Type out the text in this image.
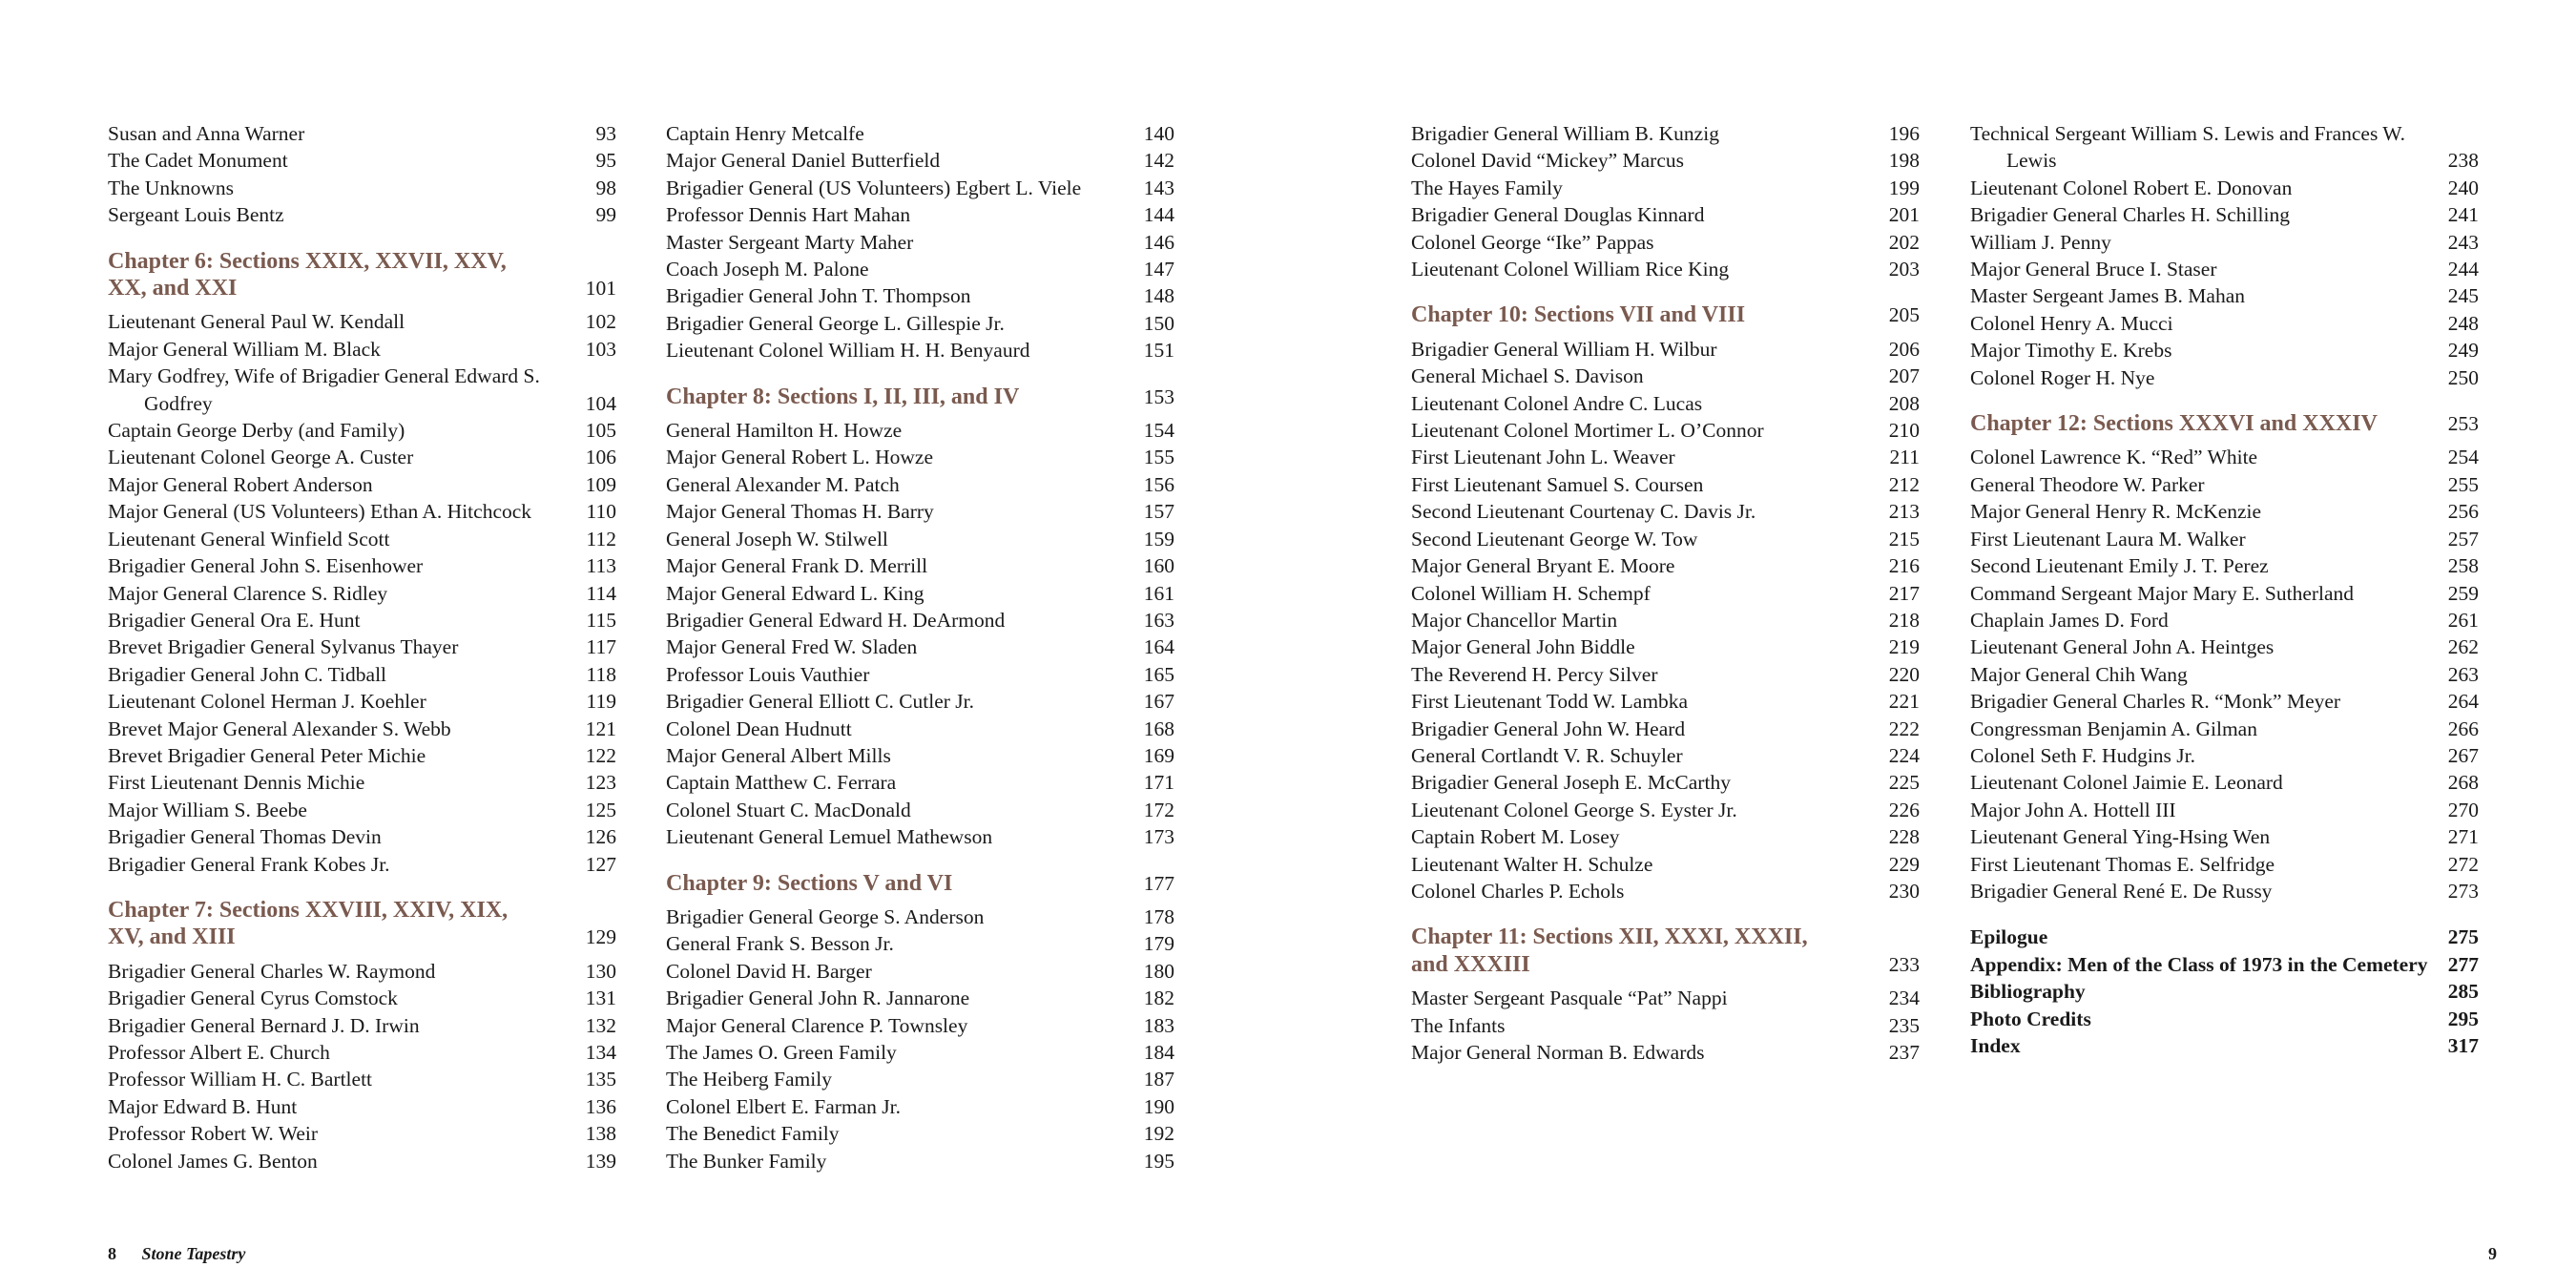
Susan and Anna Warner	93
The Cadet Monument	95
The Unknowns	98
Sergeant Louis Bentz	99
Chapter 6: Sections XXIX, XXVII, XXV, XX, and XXI	101
Lieutenant General Paul W. Kendall	102
Major General William M. Black	103
Mary Godfrey, Wife of Brigadier General Edward S. Godfrey	104
Captain George Derby (and Family)	105
Lieutenant Colonel George A. Custer	106
Major General Robert Anderson	109
Major General (US Volunteers) Ethan A. Hitchcock	110
Lieutenant General Winfield Scott	112
Brigadier General John S. Eisenhower	113
Major General Clarence S. Ridley	114
Brigadier General Ora E. Hunt	115
Brevet Brigadier General Sylvanus Thayer	117
Brigadier General John C. Tidball	118
Lieutenant Colonel Herman J. Koehler	119
Brevet Major General Alexander S. Webb	121
Brevet Brigadier General Peter Michie	122
First Lieutenant Dennis Michie	123
Major William S. Beebe	125
Brigadier General Thomas Devin	126
Brigadier General Frank Kobes Jr.	127
Chapter 7: Sections XXVIII, XXIV, XIX, XV, and XIII	129
Brigadier General Charles W. Raymond	130
Brigadier General Cyrus Comstock	131
Brigadier General Bernard J. D. Irwin	132
Professor Albert E. Church	134
Professor William H. C. Bartlett	135
Major Edward B. Hunt	136
Professor Robert W. Weir	138
Colonel James G. Benton	139
Captain Henry Metcalfe	140
Major General Daniel Butterfield	142
Brigadier General (US Volunteers) Egbert L. Viele	143
Professor Dennis Hart Mahan	144
Master Sergeant Marty Maher	146
Coach Joseph M. Palone	147
Brigadier General John T. Thompson	148
Brigadier General George L. Gillespie Jr.	150
Lieutenant Colonel William H. H. Benyaurd	151
Chapter 8: Sections I, II, III, and IV	153
General Hamilton H. Howze	154
Major General Robert L. Howze	155
General Alexander M. Patch	156
Major General Thomas H. Barry	157
General Joseph W. Stilwell	159
Major General Frank D. Merrill	160
Major General Edward L. King	161
Brigadier General Edward H. DeArmond	163
Major General Fred W. Sladen	164
Professor Louis Vauthier	165
Brigadier General Elliott C. Cutler Jr.	167
Colonel Dean Hudnutt	168
Major General Albert Mills	169
Captain Matthew C. Ferrara	171
Colonel Stuart C. MacDonald	172
Lieutenant General Lemuel Mathewson	173
Chapter 9: Sections V and VI	177
Brigadier General George S. Anderson	178
General Frank S. Besson Jr.	179
Colonel David H. Barger	180
Brigadier General John R. Jannarone	182
Major General Clarence P. Townsley	183
The James O. Green Family	184
The Heiberg Family	187
Colonel Elbert E. Farman Jr.	190
The Benedict Family	192
The Bunker Family	195
Brigadier General William B. Kunzig	196
Colonel David “Mickey” Marcus	198
The Hayes Family	199
Brigadier General Douglas Kinnard	201
Colonel George “Ike” Pappas	202
Lieutenant Colonel William Rice King	203
Chapter 10: Sections VII and VIII	205
Brigadier General William H. Wilbur	206
General Michael S. Davison	207
Lieutenant Colonel Andre C. Lucas	208
Lieutenant Colonel Mortimer L. O’Connor	210
First Lieutenant John L. Weaver	211
First Lieutenant Samuel S. Coursen	212
Second Lieutenant Courtenay C. Davis Jr.	213
Second Lieutenant George W. Tow	215
Major General Bryant E. Moore	216
Colonel William H. Schempf	217
Major Chancellor Martin	218
Major General John Biddle	219
The Reverend H. Percy Silver	220
First Lieutenant Todd W. Lambka	221
Brigadier General John W. Heard	222
General Cortlandt V. R. Schuyler	224
Brigadier General Joseph E. McCarthy	225
Lieutenant Colonel George S. Eyster Jr.	226
Captain Robert M. Losey	228
Lieutenant Walter H. Schulze	229
Colonel Charles P. Echols	230
Chapter 11: Sections XII, XXXI, XXXII, and XXXIII	233
Master Sergeant Pasquale “Pat” Nappi	234
The Infants	235
Major General Norman B. Edwards	237
Technical Sergeant William S. Lewis and Frances W. Lewis	238
Lieutenant Colonel Robert E. Donovan	240
Brigadier General Charles H. Schilling	241
William J. Penny	243
Major General Bruce I. Staser	244
Master Sergeant James B. Mahan	245
Colonel Henry A. Mucci	248
Major Timothy E. Krebs	249
Colonel Roger H. Nye	250
Chapter 12: Sections XXXVI and XXXIV	253
Colonel Lawrence K. “Red” White	254
General Theodore W. Parker	255
Major General Henry R. McKenzie	256
First Lieutenant Laura M. Walker	257
Second Lieutenant Emily J. T. Perez	258
Command Sergeant Major Mary E. Sutherland	259
Chaplain James D. Ford	261
Lieutenant General John A. Heintges	262
Major General Chih Wang	263
Brigadier General Charles R. “Monk” Meyer	264
Congressman Benjamin A. Gilman	266
Colonel Seth F. Hudgins Jr.	267
Lieutenant Colonel Jaimie E. Leonard	268
Major John A. Hottell III	270
Lieutenant General Ying-Hsing Wen	271
First Lieutenant Thomas E. Selfridge	272
Brigadier General René E. De Russy	273
Epilogue	275
Appendix: Men of the Class of 1973 in the Cemetery 277
Bibliography	285
Photo Credits	295
Index	317
8 Stone Tapestry	9
